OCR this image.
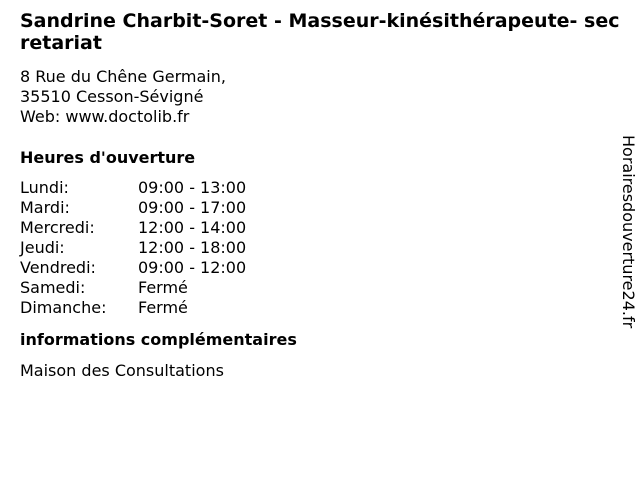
Sandrine Charbit-Soret - Masseur-kinésithérapeute- secretariat
8 Rue du Chêne Germain,
35510 Cesson-Sévigné
Web: www.doctolib.fr
Heures d'ouverture
Lundi:	09:00 - 13:00
Mardi:	09:00 - 17:00
Mercredi:	12:00 - 14:00
Jeudi:	12:00 - 18:00
Vendredi:	09:00 - 12:00
Samedi:	Fermé
Dimanche:	Fermé
informations complémentaires
Maison des Consultations
Horairesdouverture24.fr
